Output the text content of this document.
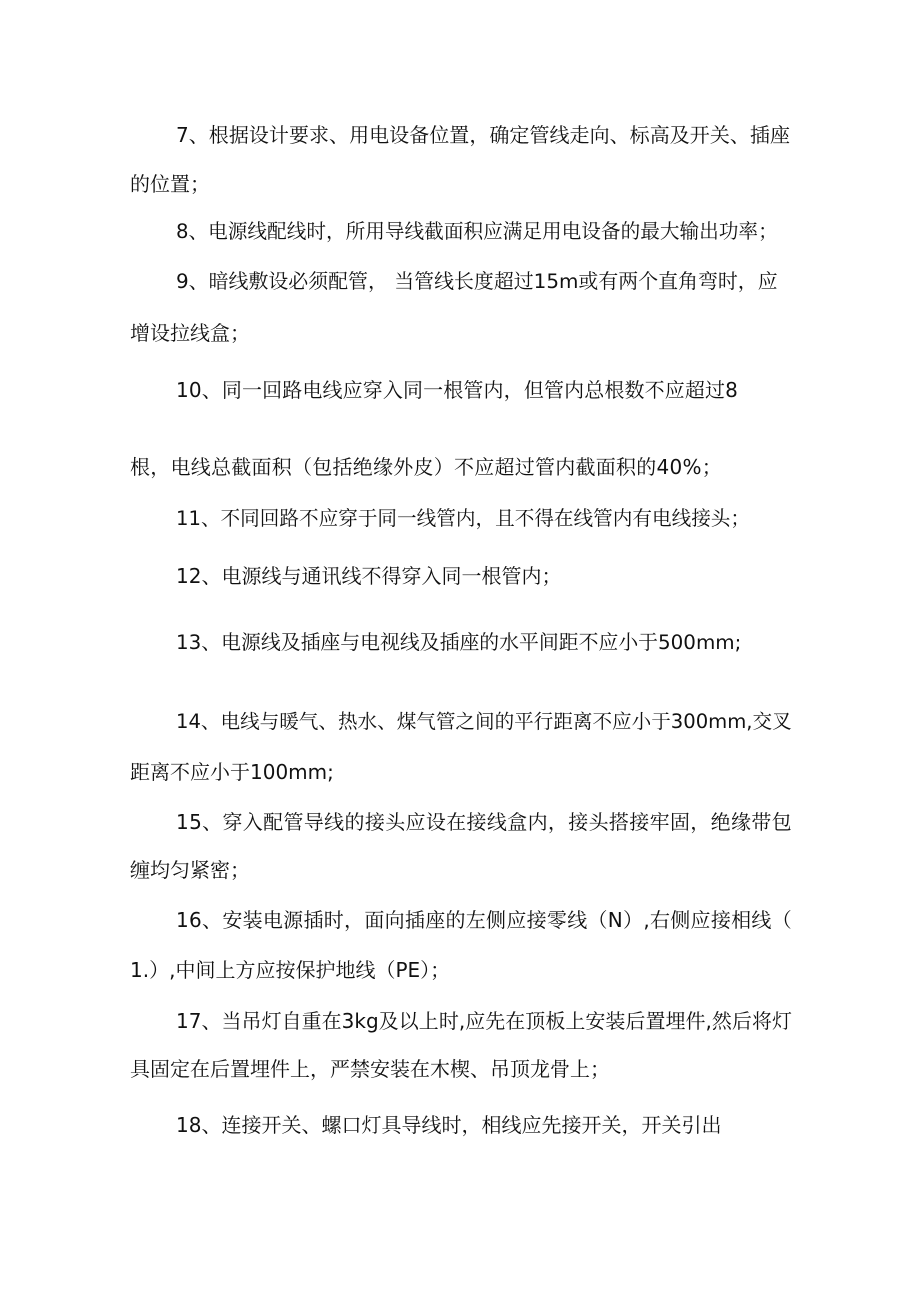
7、根据设计要求、用电设备位置，确定管线走向、标高及开关、插座

的位置；

8、电源线配线时，所用导线截面积应满足用电设备的最大输出功率；

9、暗线敷设必须配管， 当管线长度超过15m或有两个直角弯时，应

增设拉线盒；

10、同一回路电线应穿入同一根管内，但管内总根数不应超过8

根，电线总截面积（包括绝缘外皮）不应超过管内截面积的40%；

11、不同回路不应穿于同一线管内，且不得在线管内有电线接头；

12、电源线与通讯线不得穿入同一根管内；

13、电源线及插座与电视线及插座的水平间距不应小于500mm;

14、电线与暖气、热水、煤气管之间的平行距离不应小于300mm,交叉

距离不应小于100mm;

15、穿入配管导线的接头应设在接线盒内，接头搭接牢固，绝缘带包

缠均匀紧密；

16、安装电源插时，面向插座的左侧应接零线（N）,右侧应接相线（

1.）,中间上方应按保护地线（PE）；

17、当吊灯自重在3kg及以上时,应先在顶板上安装后置埋件,然后将灯

具固定在后置埋件上，严禁安装在木楔、吊顶龙骨上；

18、连接开关、螺口灯具导线时，相线应先接开关，开关引出
